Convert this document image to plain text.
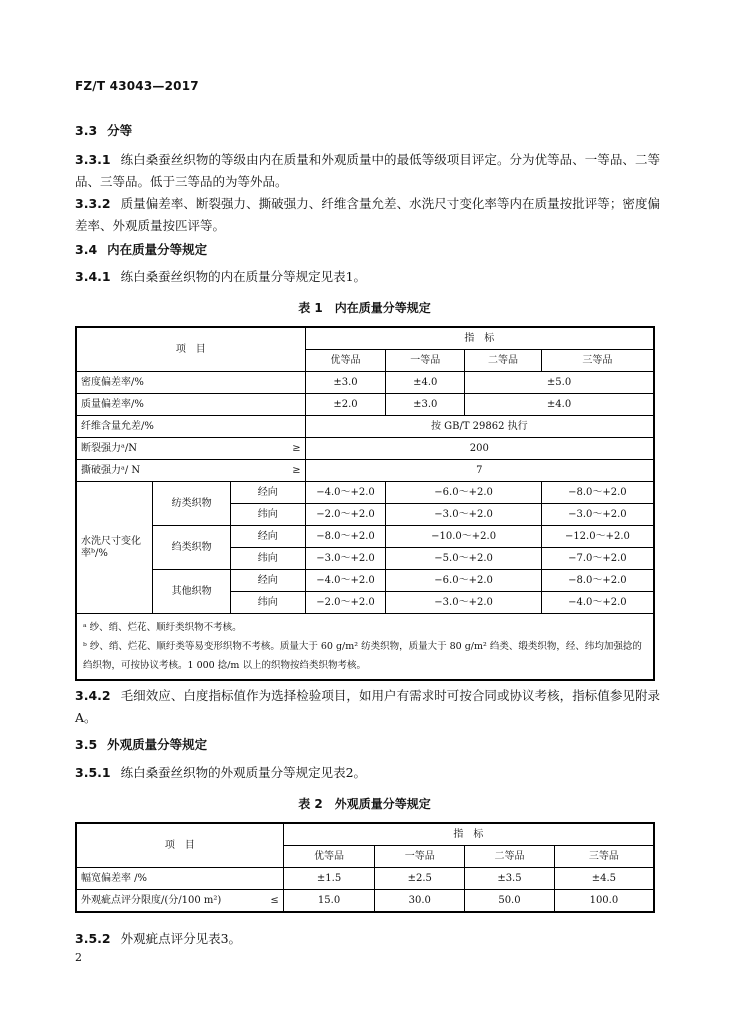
FZ/T 43043—2017
3.3 分等
3.3.1 练白桑蚕丝织物的等级由内在质量和外观质量中的最低等级项目评定。分为优等品、一等品、二等品、三等品。低于三等品的为等外品。
3.3.2 质量偏差率、断裂强力、撕破强力、纤维含量允差、水洗尺寸变化率等内在质量按批评等；密度偏差率、外观质量按匹评等。
3.4 内在质量分等规定
3.4.1 练白桑蚕丝织物的内在质量分等规定见表1。
表 1　内在质量分等规定
项　目			指　标			
			优等品	一等品	二等品	三等品
密度偏差率/%			±3.0	±4.0	±5.0	
质量偏差率/%			±2.0	±3.0	±4.0	
纤维含量允差/%			按 GB/T 29862 执行			
断裂强力ᵃ/N ≥			200			
撕破强力ᵃ/ N ≥			7			
水洗尺寸变化率ᵇ/%	纺类织物	经向	−4.0～+2.0	−6.0～+2.0		−8.0～+2.0
		纬向	−2.0～+2.0	−3.0～+2.0		−3.0～+2.0
	绉类织物	经向	−8.0～+2.0	−10.0～+2.0		−12.0～+2.0
		纬向	−3.0～+2.0	−5.0～+2.0		−7.0～+2.0
	其他织物	经向	−4.0～+2.0	−6.0～+2.0		−8.0～+2.0
		纬向	−2.0～+2.0	−3.0～+2.0		−4.0～+2.0

ᵃ 纱、绡、烂花、顺纡类织物不考核。
ᵇ 纱、绡、烂花、顺纡类等易变形织物不考核。质量大于 60 g/m² 纺类织物，质量大于 80 g/m² 绉类、缎类织物，经、纬均加强捻的绉织物，可按协议考核。1 000 捻/m 以上的织物按绉类织物考核。						
3.4.2 毛细效应、白度指标值作为选择检验项目，如用户有需求时可按合同或协议考核，指标值参见附录A。
3.5 外观质量分等规定
3.5.1 练白桑蚕丝织物的外观质量分等规定见表2。
表 2　外观质量分等规定
项　目	指　标			
	优等品	一等品	二等品	三等品
幅宽偏差率 /%	±1.5	±2.5	±3.5	±4.5
外观疵点评分限度/(分/100 m²) ≤	15.0	30.0	50.0	100.0
3.5.2 外观疵点评分见表3。
2
